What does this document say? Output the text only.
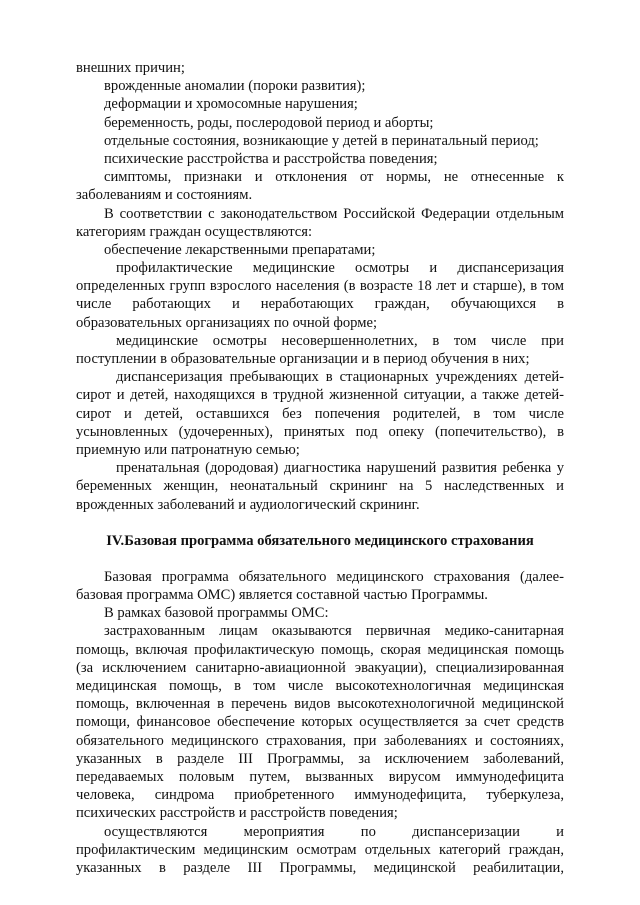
внешних причин;
врожденные аномалии (пороки развития);
деформации и хромосомные нарушения;
беременность, роды, послеродовой период и аборты;
отдельные состояния, возникающие у детей в перинатальный период;
психические расстройства и расстройства поведения;
симптомы, признаки и отклонения от нормы, не отнесенные к
заболеваниям и состояниям.
В соответствии с законодательством Российской Федерации отдельным
категориям граждан осуществляются:
обеспечение лекарственными препаратами;
профилактические медицинские осмотры и диспансеризация
определенных групп взрослого населения (в возрасте 18 лет и старше), в том
числе работающих и неработающих граждан, обучающихся в
образовательных организациях по очной форме;
медицинские осмотры несовершеннолетних, в том числе при
поступлении в образовательные организации и в период обучения в них;
диспансеризация пребывающих в стационарных учреждениях детей-
сирот и детей, находящихся в трудной жизненной ситуации, а также детей-
сирот и детей, оставшихся без попечения родителей, в том числе
усыновленных (удочеренных), принятых под опеку (попечительство), в
приемную или патронатную семью;
пренатальная (дородовая) диагностика нарушений развития ребенка у
беременных женщин, неонатальный скрининг на 5 наследственных и
врожденных заболеваний и аудиологический скрининг.
IV.Базовая программа обязательного медицинского страхования
Базовая программа обязательного медицинского страхования (далее-
базовая программа ОМС) является составной частью Программы.
В рамках базовой программы ОМС:
застрахованным лицам оказываются первичная медико-санитарная
помощь, включая профилактическую помощь, скорая медицинская помощь
(за исключением санитарно-авиационной эвакуации), специализированная
медицинская помощь, в том числе высокотехнологичная медицинская
помощь, включенная в перечень видов высокотехнологичной медицинской
помощи, финансовое обеспечение которых осуществляется за счет средств
обязательного медицинского страхования, при заболеваниях и состояниях,
указанных в разделе III Программы, за исключением заболеваний,
передаваемых половым путем, вызванных вирусом иммунодефицита
человека, синдрома приобретенного иммунодефицита, туберкулеза,
психических расстройств и расстройств поведения;
осуществляются мероприятия по диспансеризации и
профилактическим медицинским осмотрам отдельных категорий граждан,
указанных в разделе III Программы, медицинской реабилитации,
